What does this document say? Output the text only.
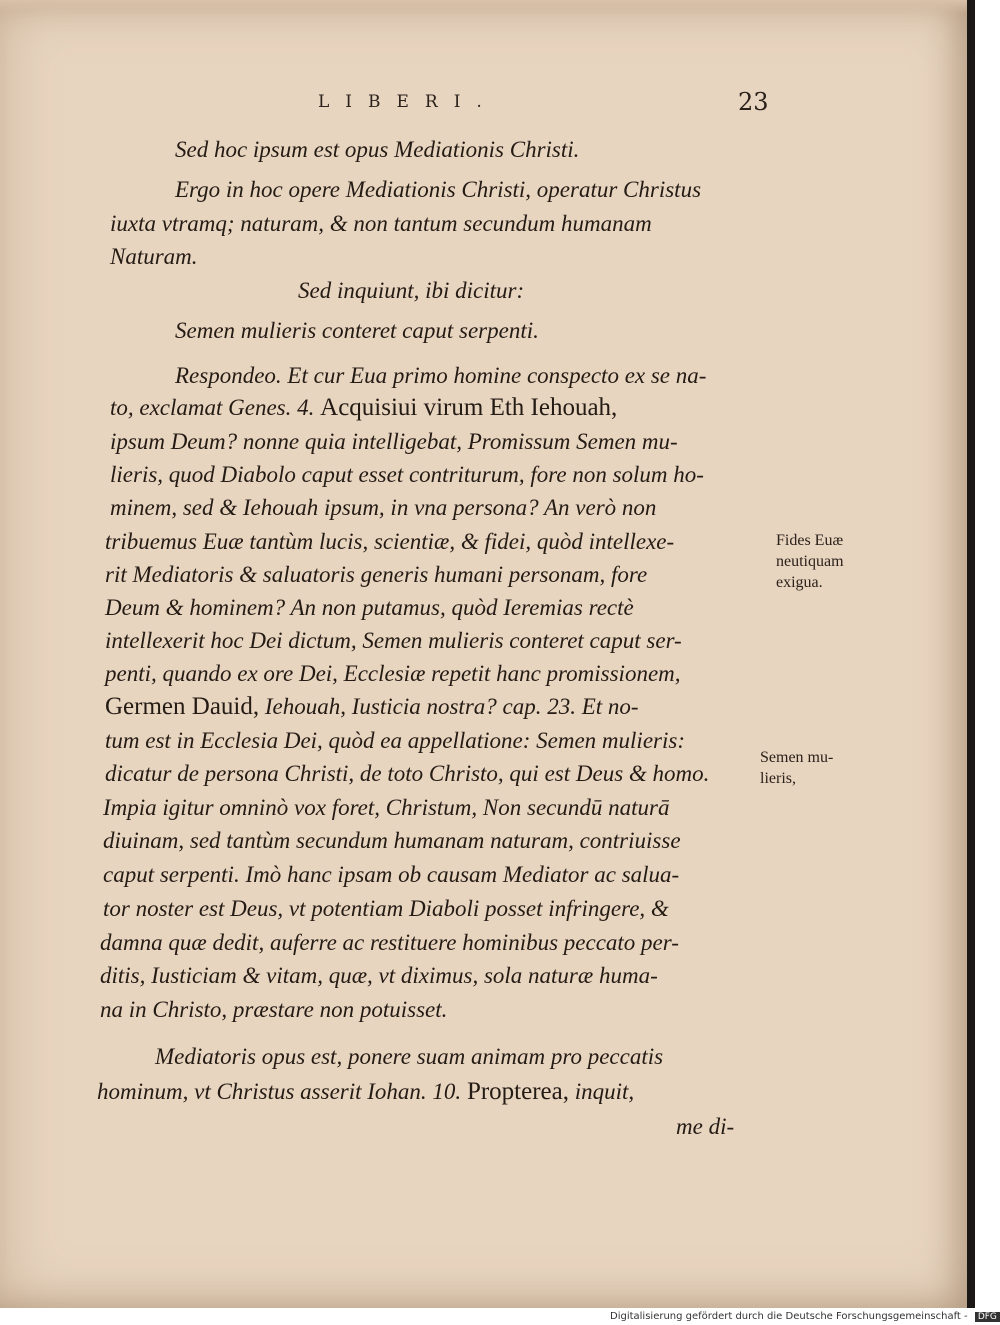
LIBERI.	23
Sed hoc ipsum est opus Mediationis Christi.
Ergo in hoc opere Mediationis Christi, operatur Christus
iuxta vtramq; naturam, & non tantum secundum humanam
Naturam.
Sed inquiunt, ibi dicitur:
Semen mulieris conteret caput serpenti.
Respondeo. Et cur Eua primo homine conspecto ex se na-
to, exclamat Genes. 4. Acquisiui virum Eth Iehouah,
ipsum Deum? nonne quia intelligebat, Promissum Semen mu-
lieris, quod Diabolo caput esset contriturum, fore non solum ho-
minem, sed & Iehouah ipsum, in vna persona? An verò non
tribuemus Euæ tantùm lucis, scientiæ, & fidei, quòd intellexe-
rit Mediatoris & saluatoris generis humani personam, fore
Deum & hominem? An non putamus, quòd Ieremias rectè
intellexerit hoc Dei dictum, Semen mulieris conteret caput ser-
penti, quando ex ore Dei, Ecclesiæ repetit hanc promissionem,
Germen Dauid, Iehouah, Iusticia nostra? cap. 23. Et no-
tum est in Ecclesia Dei, quòd ea appellatione: Semen mulieris:
dicatur de persona Christi, de toto Christo, qui est Deus & homo.
Impia igitur omninò vox foret, Christum, Non secundū naturā
diuinam, sed tantùm secundum humanam naturam, contriuisse
caput serpenti. Imò hanc ipsam ob causam Mediator ac salua-
tor noster est Deus, vt potentiam Diaboli posset infringere, &
damna quæ dedit, auferre ac restituere hominibus peccato per-
ditis, Iusticiam & vitam, quæ, vt diximus, sola naturæ huma-
na in Christo, præstare non potuisset.
Mediatoris opus est, ponere suam animam pro peccatis
hominum, vt Christus asserit Iohan. 10. Propterea, inquit,
me di-
Fides Euæ
neutiquam
exigua.
Semen mu-
lieris,
Digitalisierung gefördert durch die Deutsche Forschungsgemeinschaft - DFG
